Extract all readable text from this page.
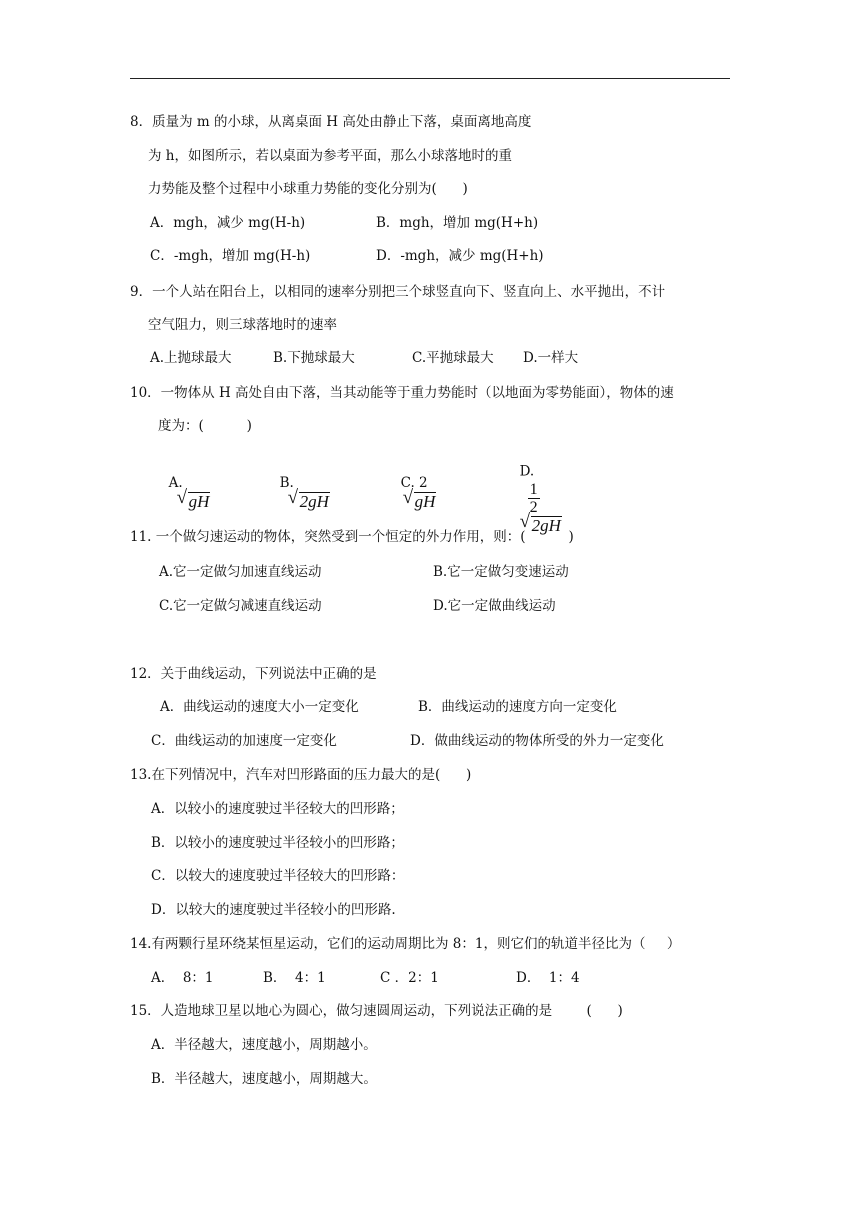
8．质量为 m 的小球，从离桌面 H 高处由静止下落，桌面离地高度
为 h，如图所示，若以桌面为参考平面，那么小球落地时的重
力势能及整个过程中小球重力势能的变化分别为(      )
A．mgh，减少 mg(H-h)	B．mgh，增加 mg(H+h)
C．-mgh，增加 mg(H-h)	D．-mgh，减少 mg(H+h)
9．一个人站在阳台上，以相同的速率分别把三个球竖直向下、竖直向上、水平抛出，不计
空气阻力，则三球落地时的速率
A.上抛球最大	B.下抛球最大	C.平抛球最大 D.一样大
10．一物体从 H 高处自由下落，当其动能等于重力势能时（以地面为零势能面），物体的速
度为：(          )

A.
√ gH

B.
√ 2gH

C. 2
√ gH

D.

$\frac{1}{2}$

√ 2gH

11. 一个做匀速运动的物体，突然受到一个恒定的外力作用，则：(          )
A.它一定做匀加速直线运动	B.它一定做匀变速运动
C.它一定做匀减速直线运动	D.它一定做曲线运动
12．关于曲线运动，下列说法中正确的是
A．曲线运动的速度大小一定变化	B．曲线运动的速度方向一定变化
C．曲线运动的加速度一定变化	D．做曲线运动的物体所受的外力一定变化
13.在下列情况中，汽车对凹形路面的压力最大的是(      )
A．以较小的速度驶过半径较大的凹形路；
B．以较小的速度驶过半径较小的凹形路；
C．以较大的速度驶过半径较大的凹形路：
D．以较大的速度驶过半径较小的凹形路.
14.有两颗行星环绕某恒星运动，它们的运动周期比为 8：1，则它们的轨道半径比为（     ）
A．  8：1	B．  4：1	C ．2：1	D．  1：4
15．人造地球卫星以地心为圆心，做匀速圆周运动，下列说法正确的是        (      )
A．半径越大，速度越小，周期越小。
B．半径越大，速度越小，周期越大。
